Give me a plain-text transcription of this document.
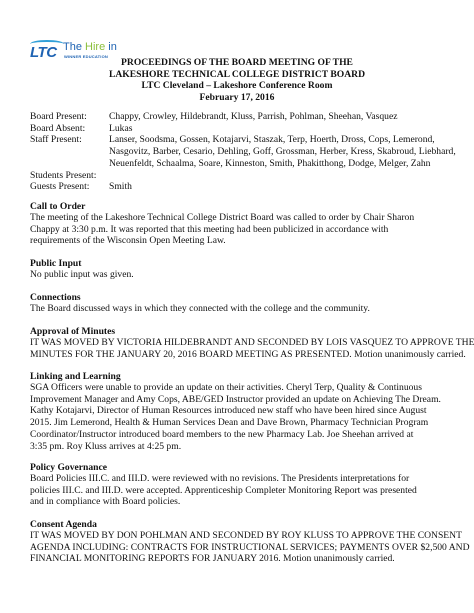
LTC The Hire in
WINNER EDUCATION
PROCEEDINGS OF THE BOARD MEETING OF THE
LAKESHORE TECHNICAL COLLEGE DISTRICT BOARD
LTC Cleveland – Lakeshore Conference Room
February 17, 2016
Board Present:	Chappy, Crowley, Hildebrandt, Kluss, Parrish, Pohlman, Sheehan, Vasquez
Board Absent:	Lukas
Staff Present:	Lanser, Soodsma, Gossen, Kotajarvi, Staszak, Terp, Hoerth, Dross, Cops, Lemerond,
Nasgovitz, Barber, Cesario, Dehling, Goff, Grossman, Herber, Kress, Skabroud, Liebhard,
Neuenfeldt, Schaalma, Soare, Kinneston, Smith, Phakitthong, Dodge, Melger, Zahn
Students Present:
Guests Present:	Smith
Call to Order
The meeting of the Lakeshore Technical College District Board was called to order by Chair Sharon
Chappy at 3:30 p.m. It was reported that this meeting had been publicized in accordance with
requirements of the Wisconsin Open Meeting Law.
Public Input
No public input was given.
Connections
The Board discussed ways in which they connected with the college and the community.
Approval of Minutes
IT WAS MOVED BY VICTORIA HILDEBRANDT AND SECONDED BY LOIS VASQUEZ TO APPROVE THE
MINUTES FOR THE JANUARY 20, 2016 BOARD MEETING AS PRESENTED. Motion unanimously carried.
Linking and Learning
SGA Officers were unable to provide an update on their activities. Cheryl Terp, Quality & Continuous
Improvement Manager and Amy Cops, ABE/GED Instructor provided an update on Achieving The Dream.
Kathy Kotajarvi, Director of Human Resources introduced new staff who have been hired since August
2015. Jim Lemerond, Health & Human Services Dean and Dave Brown, Pharmacy Technician Program
Coordinator/Instructor introduced board members to the new Pharmacy Lab. Joe Sheehan arrived at
3:35 pm. Roy Kluss arrives at 4:25 pm.
Policy Governance
Board Policies III.C. and III.D. were reviewed with no revisions. The Presidents interpretations for
policies III.C. and III.D. were accepted. Apprenticeship Completer Monitoring Report was presented
and in compliance with Board policies.
Consent Agenda
IT WAS MOVED BY DON POHLMAN AND SECONDED BY ROY KLUSS TO APPROVE THE CONSENT
AGENDA INCLUDING: CONTRACTS FOR INSTRUCTIONAL SERVICES; PAYMENTS OVER $2,500 AND
FINANCIAL MONITORING REPORTS FOR JANUARY 2016. Motion unanimously carried.
